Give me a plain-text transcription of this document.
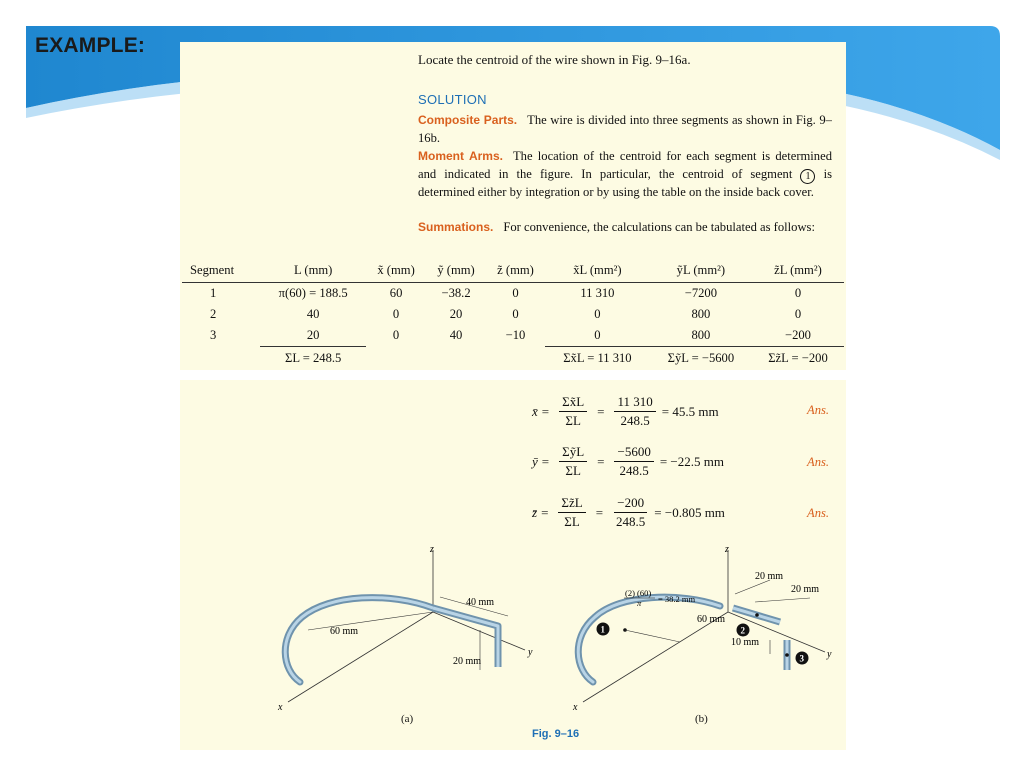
EXAMPLE:
Locate the centroid of the wire shown in Fig. 9–16a.
SOLUTION
Composite Parts. The wire is divided into three segments as shown in Fig. 9–16b.
Moment Arms. The location of the centroid for each segment is determined and indicated in the figure. In particular, the centroid of segment 1 is determined either by integration or by using the table on the inside back cover.
Summations. For convenience, the calculations can be tabulated as follows:
Segment	L (mm)	x̃ (mm)	ỹ (mm)	z̃ (mm)	x̃L (mm²)	ỹL (mm²)	z̃L (mm²)
1	π(60) = 188.5	60	−38.2	0	11 310	−7200	0
2	40	0	20	0	0	800	0
3	20	0	40	−10	0	800	−200
	ΣL = 248.5				Σx̃L = 11 310	ΣỹL = −5600	Σz̃L = −200
x̄ = $\frac{\Sigma x̃L}{\Sigma L} = \frac{11 310}{248.5} = 45.5$ mm	Ans.
ȳ = $\frac{\Sigma ỹL}{\Sigma L} = \frac{-5600}{248.5} = -22.5$ mm	Ans.
z̄ = $\frac{\Sigma z̃L}{\Sigma L} = \frac{-200}{248.5} = -0.805$ mm	Ans.
z
y
x
40 mm
60 mm
20 mm
(a)
z
y
x
20 mm
20 mm
(2) (60)
π = 38.2 mm
60 mm
10 mm
1	2
3
(b)
Fig. 9–16
